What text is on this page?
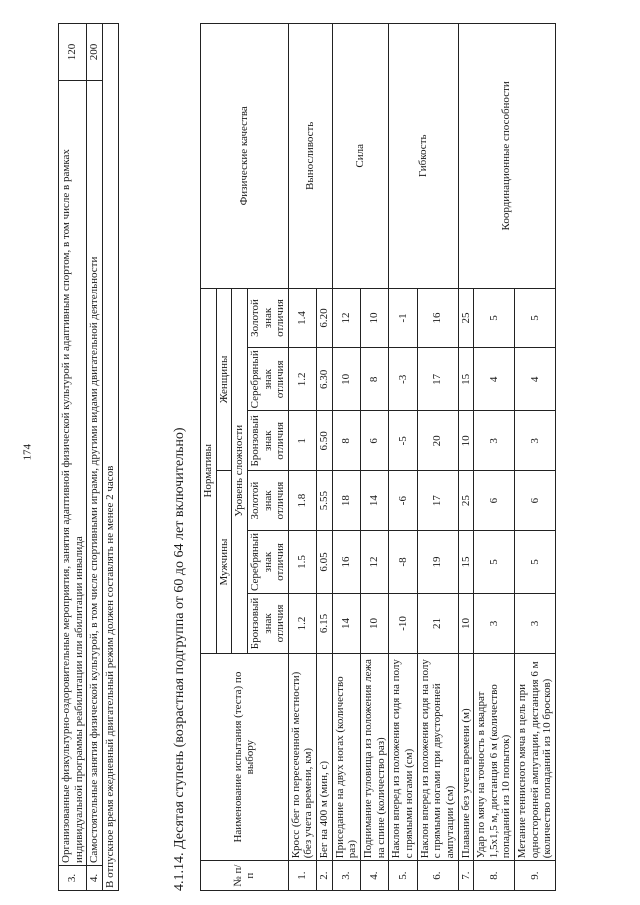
3.	Организованные физкультурно-оздоровительные мероприятия, занятия адаптивной физической культурой и адаптивным спортом, в том числе в рамках индивидуальной программы реабилитации или абилитации инвалида	120
4.	Самостоятельные занятия физической культурой, в том числе спортивными играми, другими видами двигательной деятельности	200
В отпускное время ежедневный двигательный режим должен составлять не менее 2 часов			4.1.14. Десятая ступень (возрастная подгруппа от 60 до 64 лет включительно)	№ п/п	Наименование испытания (теста) по выбору	Нормативы						Физические качества
		Мужчины			Женщины			
		Уровень сложности						
		Бронзовый знак отличия	Серебряный знак отличия	Золотой знак отличия	Бронзовый знак отличия	Серебряный знак отличия	Золотой знак отличия	
1.	Кросс (бег по пересеченной местности) (без учета времени, км)	1.2	1.5	1.8	1	1.2	1.4	Выносливость
2.	Бег на 400 м (мин, с)	6.15	6.05	5.55	6.50	6.30	6.20	
3.	Приседание на двух ногах (количество раз)	14	16	18	8	10	12	Сила
4.	Поднимание туловища из положения лежа на спине (количество раз)	10	12	14	6	8	10	
5.	Наклон вперед из положения сидя на полу с прямыми ногами (см)	-10	-8	-6	-5	-3	-1	Гибкость
6.	Наклон вперед из положения сидя на полу с прямыми ногами при двусторонней ампутации (см)	21	19	17	20	17	16	
7.	Плавание без учета времени (м)	10	15	25	10	15	25	Координационные способности
8.	Удар по мячу на точность в квадрат 1,5х1,5 м, дистанция 6 м (количество попаданий из 10 попыток)	3	5	6	3	4	5	
9.	Метание теннисного мяча в цель при односторонней ампутации, дистанция 6 м (количество попаданий из 10 бросков)	3	5	6	3	4	5	
174
